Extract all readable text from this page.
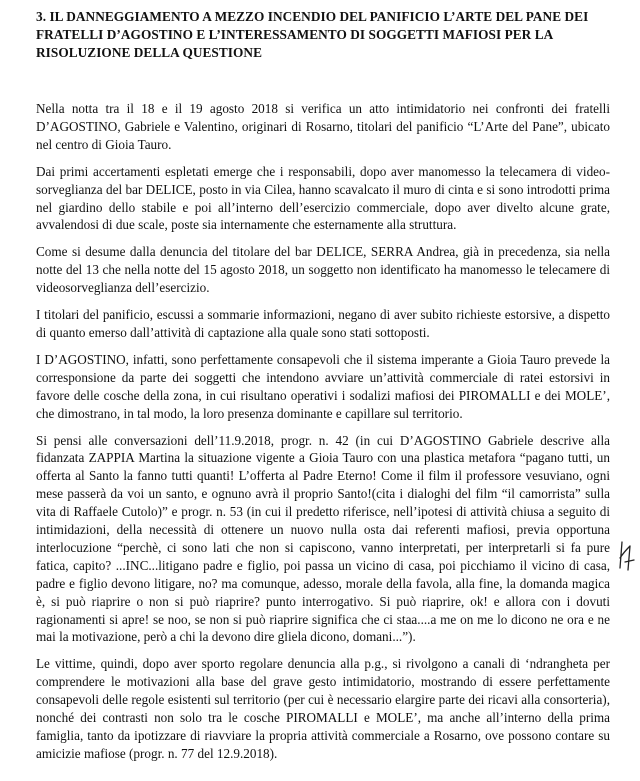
3. IL DANNEGGIAMENTO A MEZZO INCENDIO DEL PANIFICIO L’ARTE DEL PANE DEI FRATELLI D’AGOSTINO E L’INTERESSAMENTO DI SOGGETTI MAFIOSI PER LA RISOLUZIONE DELLA QUESTIONE

Nella notta tra il 18 e il 19 agosto 2018 si verifica un atto intimidatorio nei confronti dei fratelli D’AGOSTINO, Gabriele e Valentino, originari di Rosarno, titolari del panificio “L’Arte del Pane”, ubicato nel centro di Gioia Tauro.

Dai primi accertamenti espletati emerge che i responsabili, dopo aver manomesso la telecamera di video-sorveglianza del bar DELICE, posto in via Cilea, hanno scavalcato il muro di cinta e si sono introdotti prima nel giardino dello stabile e poi all’interno dell’esercizio commerciale, dopo aver divelto alcune grate, avvalendosi di due scale, poste sia internamente che esternamente alla struttura.

Come si desume dalla denuncia del titolare del bar DELICE, SERRA Andrea, già in precedenza, sia nella notte del 13 che nella notte del 15 agosto 2018, un soggetto non identificato ha manomesso le telecamere di videosorveglianza dell’esercizio.

I titolari del panificio, escussi a sommarie informazioni, negano di aver subito richieste estorsive, a dispetto di quanto emerso dall’attività di captazione alla quale sono stati sottoposti.

I D’AGOSTINO, infatti, sono perfettamente consapevoli che il sistema imperante a Gioia Tauro prevede la corresponsione da parte dei soggetti che intendono avviare un’attività commerciale di ratei estorsivi in favore delle cosche della zona, in cui risultano operativi i sodalizi mafiosi dei PIROMALLI e dei MOLE’, che dimostrano, in tal modo, la loro presenza dominante e capillare sul territorio.

Si pensi alle conversazioni dell’11.9.2018, progr. n. 42 (in cui D’AGOSTINO Gabriele descrive alla fidanzata ZAPPIA Martina la situazione vigente a Gioia Tauro con una plastica metafora “pagano tutti, un offerta al Santo la fanno tutti quanti! L’offerta al Padre Eterno! Come il film il professore vesuviano, ogni mese passerà da voi un santo, e ognuno avrà il proprio Santo!(cita i dialoghi del film “il camorrista” sulla vita di Raffaele Cutolo)” e progr. n. 53 (in cui il predetto riferisce, nell’ipotesi di attività chiusa a seguito di intimidazioni, della necessità di ottenere un nuovo nulla osta dai referenti mafiosi, previa opportuna interlocuzione “perchè, ci sono lati che non si capiscono, vanno interpretati, per interpretarli si fa pure fatica, capito? ...INC...litigano padre e figlio, poi passa un vicino di casa, poi picchiamo il vicino di casa, padre e figlio devono litigare, no? ma comunque, adesso, morale della favola, alla fine, la domanda magica è, si può riaprire o non si può riaprire? punto interrogativo. Si può riaprire, ok! e allora con i dovuti ragionamenti si apre! se noo, se non si può riaprire significa che ci staa....a me on me lo dicono ne ora e ne mai la motivazione, però a chi la devono dire gliela dicono, domani...”).

Le vittime, quindi, dopo aver sporto regolare denuncia alla p.g., si rivolgono a canali di ‘ndrangheta per comprendere le motivazioni alla base del grave gesto intimidatorio, mostrando di essere perfettamente consapevoli delle regole esistenti sul territorio (per cui è necessario elargire parte dei ricavi alla consorteria), nonché dei contrasti non solo tra le cosche PIROMALLI e MOLE’, ma anche all’interno della prima famiglia, tanto da ipotizzare di riavviare la propria attività commerciale a Rosarno, ove possono contare su amicizie mafiose (progr. n. 77 del 12.9.2018).
